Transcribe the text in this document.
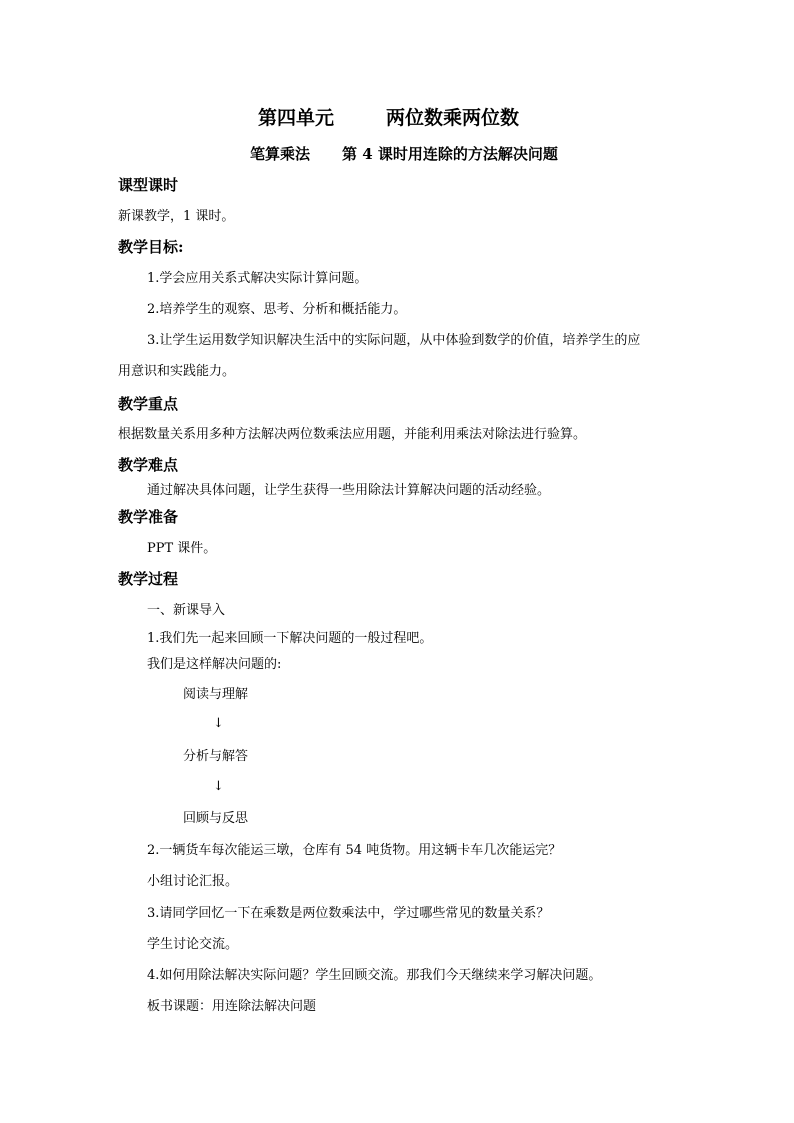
第四单元	两位数乘两位数
笔算乘法 第 4 课时用连除的方法解决问题
课型课时
新课教学，1 课时。
教学目标:
1.学会应用关系式解决实际计算问题。
2.培养学生的观察、思考、分析和概括能力。
3.让学生运用数学知识解决生活中的实际问题，从中体验到数学的价值，培养学生的应
用意识和实践能力。
教学重点
根据数量关系用多种方法解决两位数乘法应用题，并能利用乘法对除法进行验算。
教学难点
通过解决具体问题，让学生获得一些用除法计算解决问题的活动经验。
教学准备
PPT 课件。
教学过程
一、新课导入
1.我们先一起来回顾一下解决问题的一般过程吧。
我们是这样解决问题的:
阅读与理解
↓
分析与解答
↓
回顾与反思
2.一辆货车每次能运三墩，仓库有 54 吨货物。用这辆卡车几次能运完？
小组讨论汇报。
3.请同学回忆一下在乘数是两位数乘法中，学过哪些常见的数量关系？
学生讨论交流。
4.如何用除法解决实际问题？学生回顾交流。那我们今天继续来学习解决问题。
板书课题：用连除法解决问题
